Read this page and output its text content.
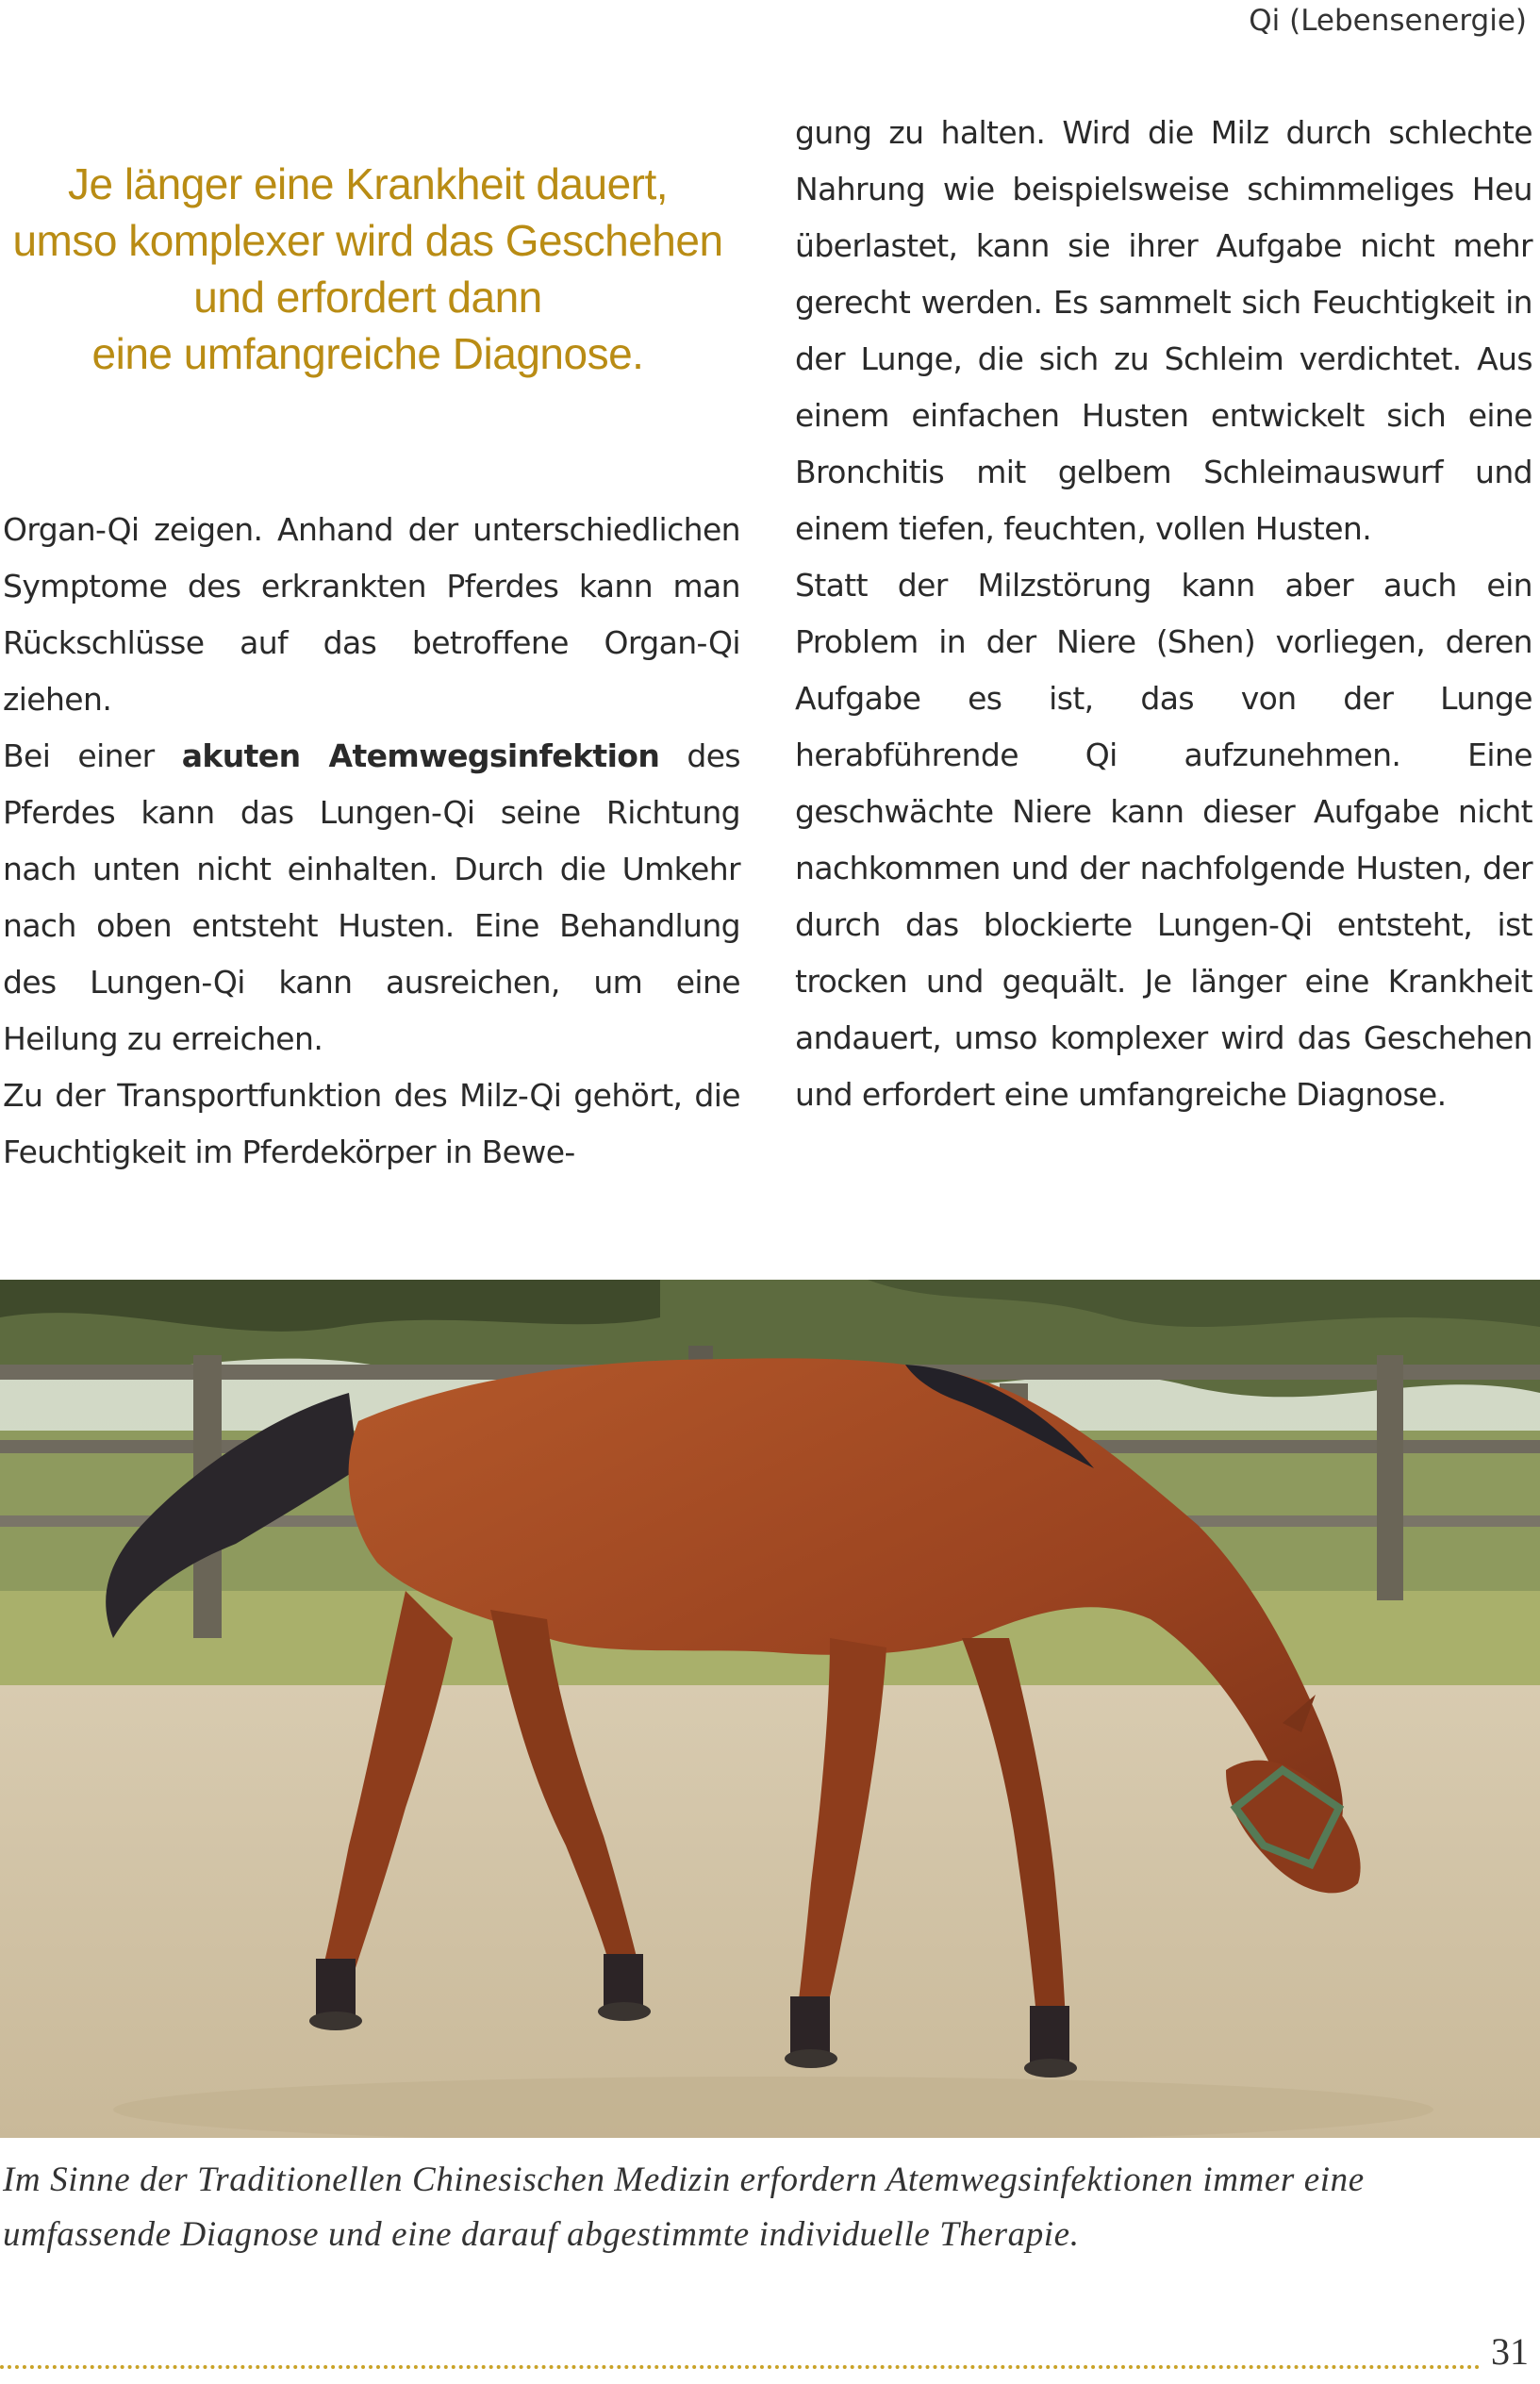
Qi (Lebensenergie)
Je länger eine Krankheit dauert,
umso komplexer wird das Geschehen
und erfordert dann
eine umfangreiche Diagnose.

Organ-Qi zeigen. Anhand der unterschiedlichen Symptome des erkrankten Pferdes kann man Rückschlüsse auf das betroffene Organ-Qi ziehen.

Bei einer akuten Atemwegsinfektion des Pferdes kann das Lungen-Qi seine Richtung nach unten nicht einhalten. Durch die Umkehr nach oben entsteht Husten. Eine Behandlung des Lungen-Qi kann ausreichen, um eine Heilung zu erreichen.

Zu der Transportfunktion des Milz-Qi gehört, die Feuchtigkeit im Pferdekörper in Bewe-

gung zu halten. Wird die Milz durch schlechte Nahrung wie beispielsweise schimmeliges Heu überlastet, kann sie ihrer Aufgabe nicht mehr gerecht werden. Es sammelt sich Feuchtigkeit in der Lunge, die sich zu Schleim verdichtet. Aus einem einfachen Husten entwickelt sich eine Bronchitis mit gelbem Schleimauswurf und einem tiefen, feuchten, vollen Husten.

Statt der Milzstörung kann aber auch ein Problem in der Niere (Shen) vorliegen, deren Aufgabe es ist, das von der Lunge herabführende Qi aufzunehmen. Eine geschwächte Niere kann dieser Aufgabe nicht nachkommen und der nachfolgende Husten, der durch das blockierte Lungen-Qi entsteht, ist trocken und gequält. Je länger eine Krankheit andauert, umso komplexer wird das Geschehen und erfordert eine umfangreiche Diagnose.

Im Sinne der Traditionellen Chinesischen Medizin erfordern Atemwegsinfektionen immer eine
umfassende Diagnose und eine darauf abgestimmte individuelle Therapie.
31
